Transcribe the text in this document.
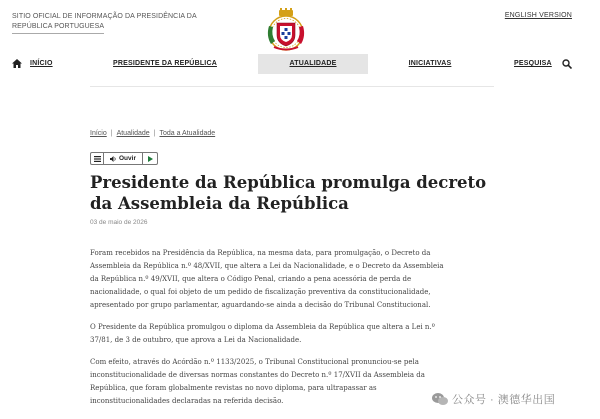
SITIO OFICIAL DE INFORMAÇÃO DA PRESIDÊNCIA DA
REPÚBLICA PORTUGUESA
ENGLISH VERSION
INÍCIO	PRESIDENTE DA REPÚBLICA	ATUALIDADE	INICIATIVAS	PESQUISA
Início | Atualidade | Toda a Atualidade
Ouvir
Presidente da República promulga decreto da Assembleia da República
03 de maio de 2026

Foram recebidos na Presidência da República, na mesma data, para promulgação, o Decreto da Assembleia da República n.º 48/XVII, que altera a Lei da Nacionalidade, e o Decreto da Assembleia da República n.º 49/XVII, que altera o Código Penal, criando a pena acessória de perda de nacionalidade, o qual foi objeto de um pedido de fiscalização preventiva da constitucionalidade, apresentado por grupo parlamentar, aguardando-se ainda a decisão do Tribunal Constitucional.

O Presidente da República promulgou o diploma da Assembleia da República que altera a Lei n.º 37/81, de 3 de outubro, que aprova a Lei da Nacionalidade.

Com efeito, através do Acórdão n.º 1133/2025, o Tribunal Constitucional pronunciou-se pela inconstitucionalidade de diversas normas constantes do Decreto n.º 17/XVII da Assembleia da República, que foram globalmente revistas no novo diploma, para ultrapassar as inconstitucionalidades declaradas na referida decisão.	公众号 · 澳德华出国
